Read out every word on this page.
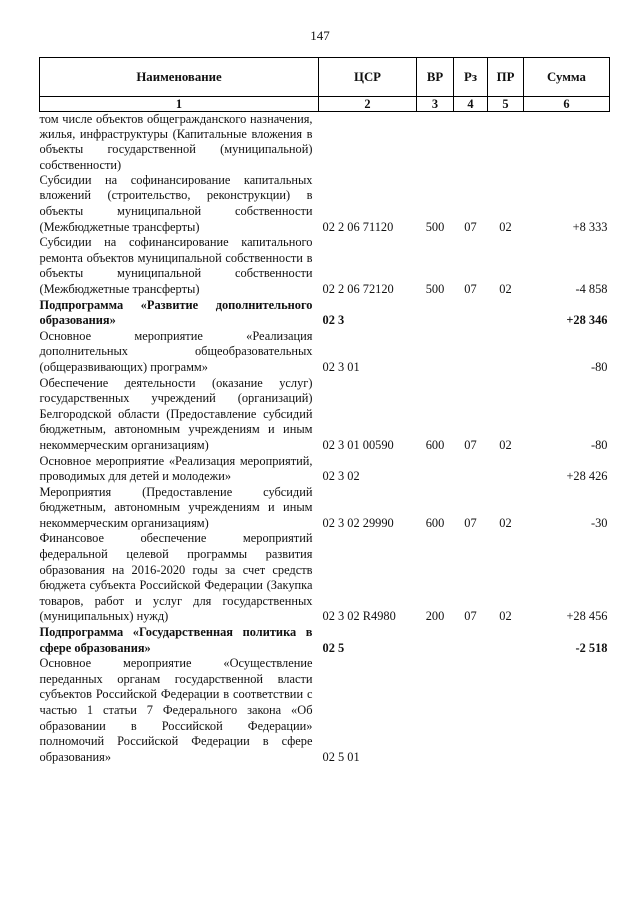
147
Наименование	ЦСР	ВР	Рз	ПР	Сумма
1	2	3	4	5	6
том числе объектов общегражданского назначения, жилья, инфраструктуры (Капитальные вложения в объекты государственной (муниципальной) собственности)					
Субсидии на софинансирование капитальных вложений (строительство, реконструкции) в объекты муниципальной собственности (Межбюджетные трансферты)	02 2 06 71120	500	07	02	+8 333
Субсидии на софинансирование капитального ремонта объектов муниципальной собственности в объекты муниципальной собственности (Межбюджетные трансферты)	02 2 06 72120	500	07	02	-4 858
Подпрограмма «Развитие дополнительного образования»	02 3				+28 346
Основное мероприятие «Реализация дополнительных общеобразовательных (общеразвивающих) программ»	02 3 01				-80
Обеспечение деятельности (оказание услуг) государственных учреждений (организаций) Белгородской области (Предоставление субсидий бюджетным, автономным учреждениям и иным некоммерческим организациям)	02 3 01 00590	600	07	02	-80
Основное мероприятие «Реализация мероприятий, проводимых для детей и молодежи»	02 3 02				+28 426
Мероприятия (Предоставление субсидий бюджетным, автономным учреждениям и иным некоммерческим организациям)	02 3 02 29990	600	07	02	-30
Финансовое обеспечение мероприятий федеральной целевой программы развития образования на 2016-2020 годы за счет средств бюджета субъекта Российской Федерации (Закупка товаров, работ и услуг для государственных (муниципальных) нужд)	02 3 02 R4980	200	07	02	+28 456
Подпрограмма «Государственная политика в сфере образования»	02 5				-2 518
Основное мероприятие «Осуществление переданных органам государственной власти субъектов Российской Федерации в соответствии с частью 1 статьи 7 Федерального закона «Об образовании в Российской Федерации» полномочий Российской Федерации в сфере образования»	02 5 01				
